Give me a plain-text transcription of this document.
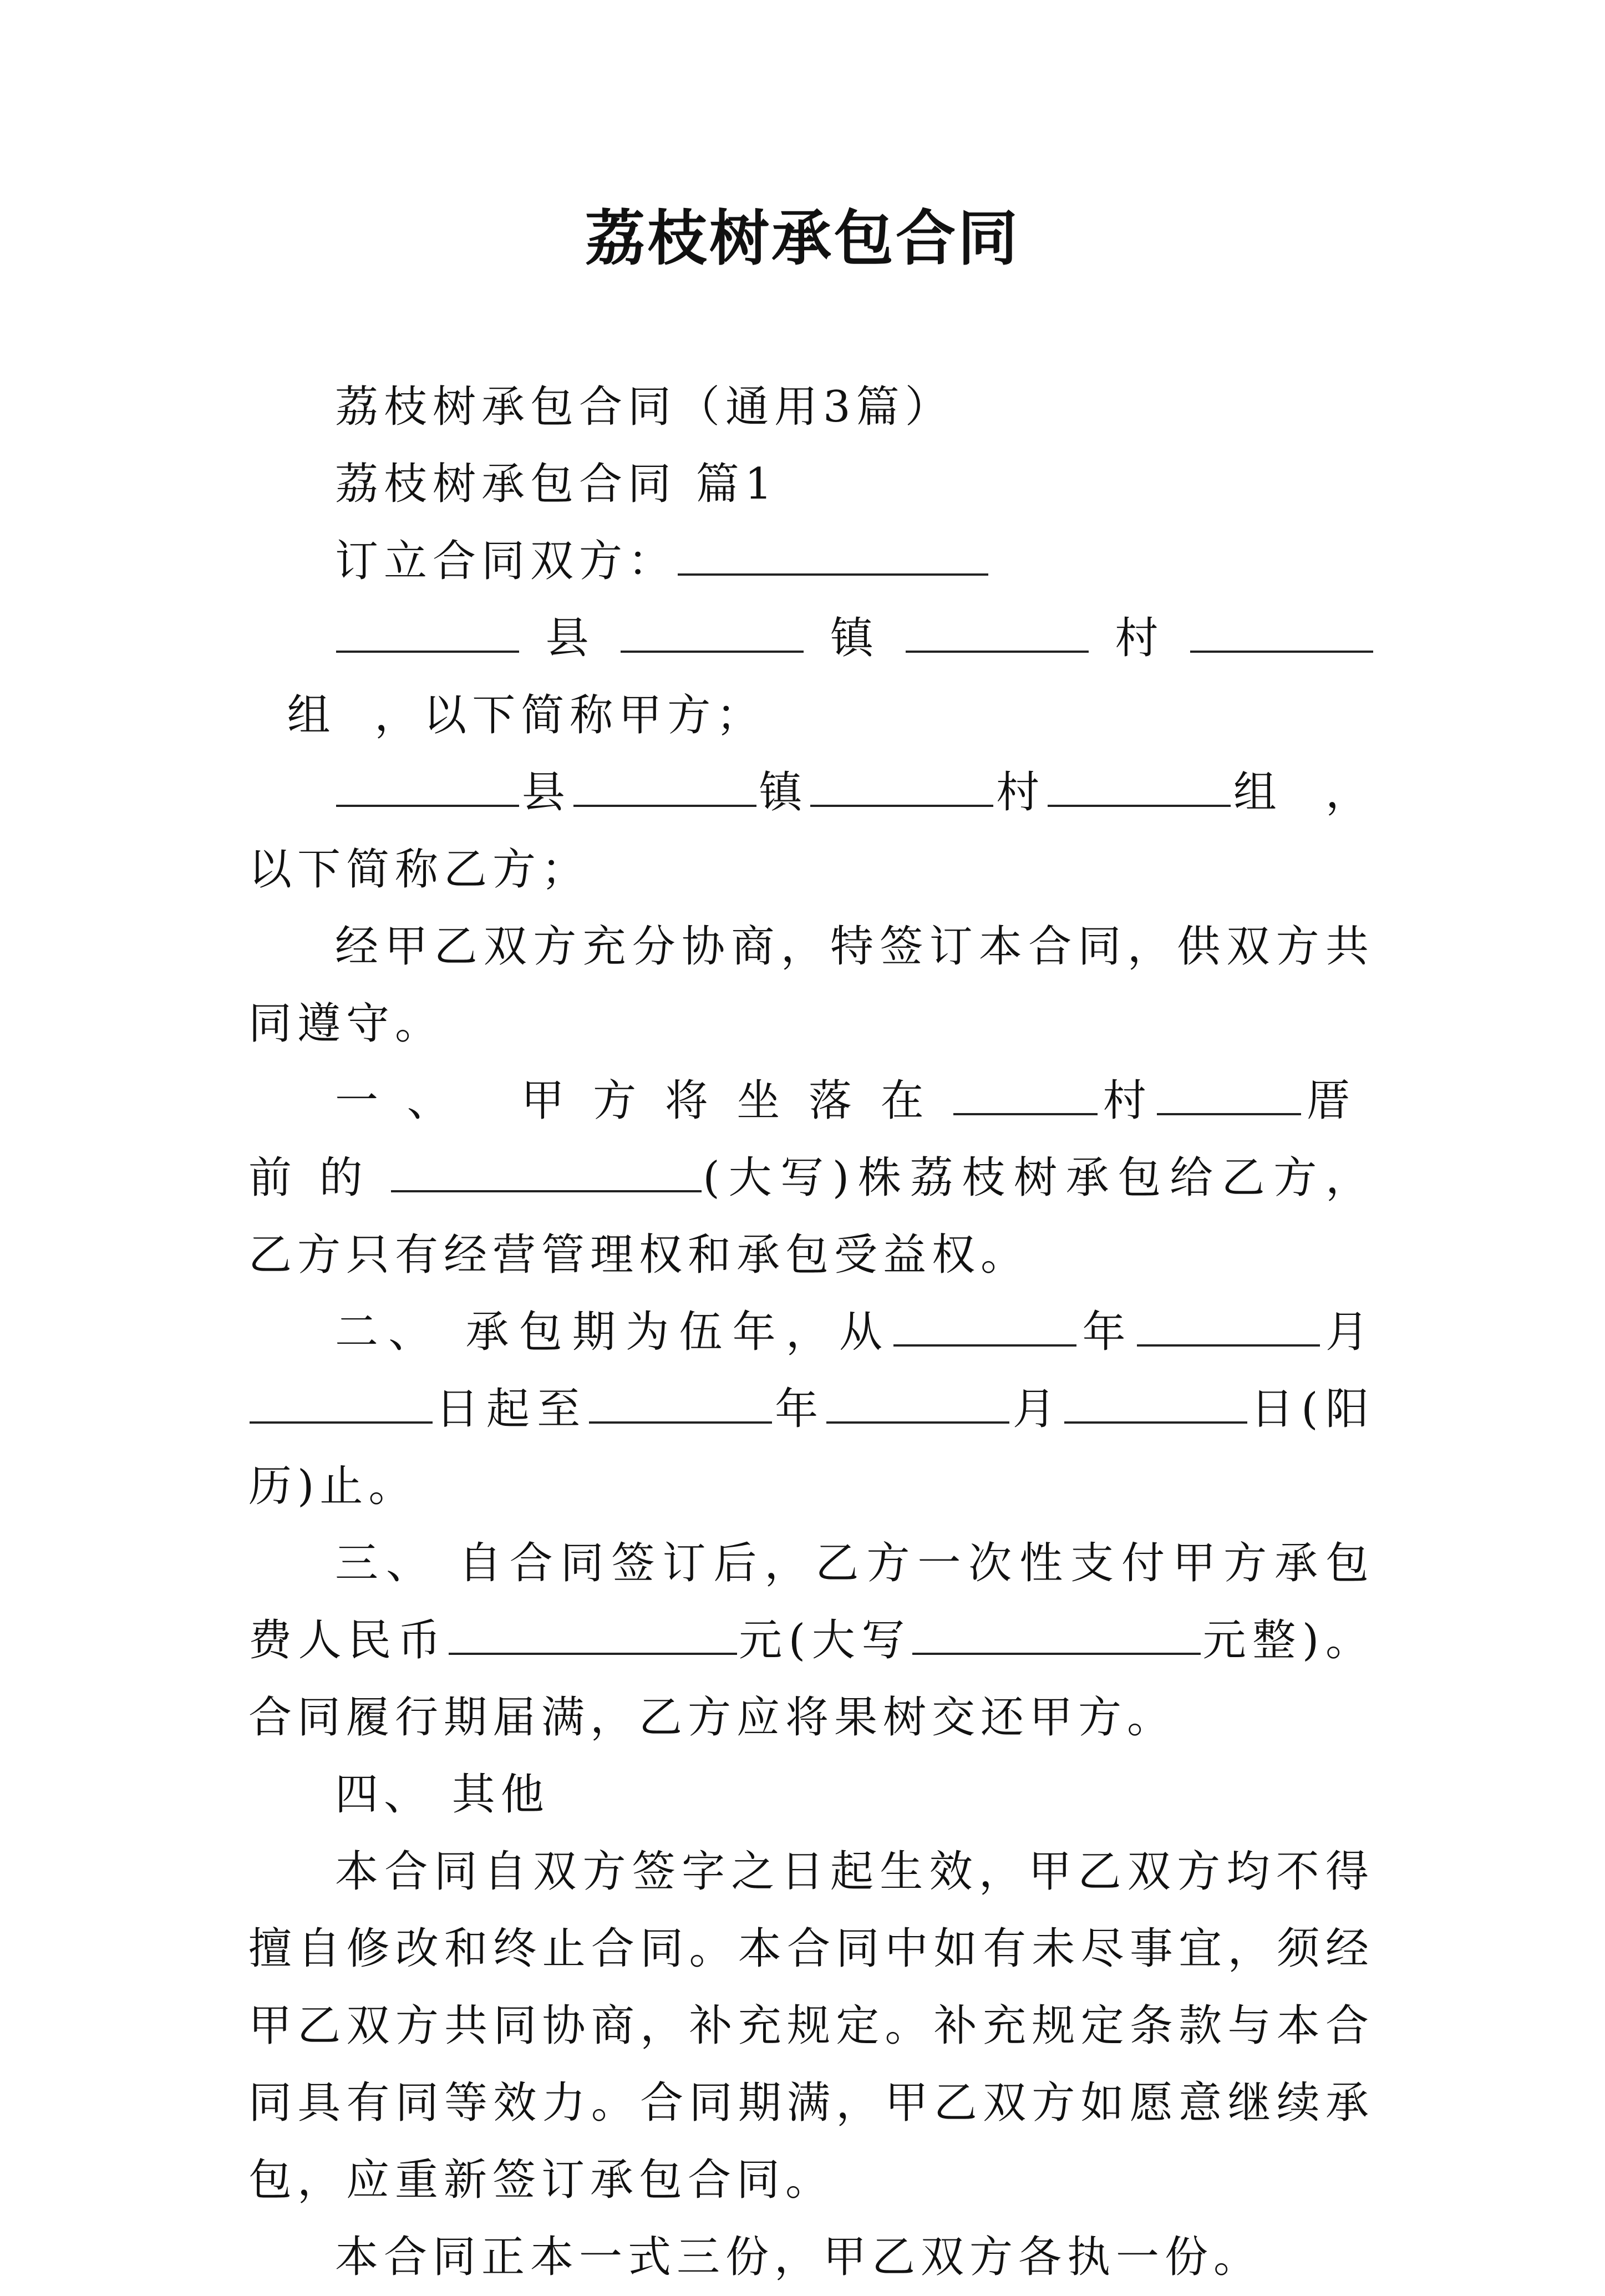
荔枝树承包合同

荔枝树承包合同（通用3篇）

荔枝树承包合同 篇1

订立合同双方：

县	镇	村  组 ，以下简称甲方；

县	镇	村	组 ，以下简称乙方；

经甲乙双方充分协商，特签订本合同，供双方共同遵守。

一、 甲方将坐落在	村	厝前的	(大写)株荔枝树承包给乙方，乙方只有经营管理权和承包受益权。

二、 承包期为伍年，从	年	月日起至	年	月	日(阳历)止。

三、 自合同签订后，乙方一次性支付甲方承包费人民币	元(大写	元整)。合同履行期届满，乙方应将果树交还甲方。

四、 其他

本合同自双方签字之日起生效，甲乙双方均不得擅自修改和终止合同。本合同中如有未尽事宜，须经甲乙双方共同协商，补充规定。补充规定条款与本合同具有同等效力。合同期满，甲乙双方如愿意继续承包，应重新签订承包合同。

本合同正本一式三份，甲乙双方各执一份。
